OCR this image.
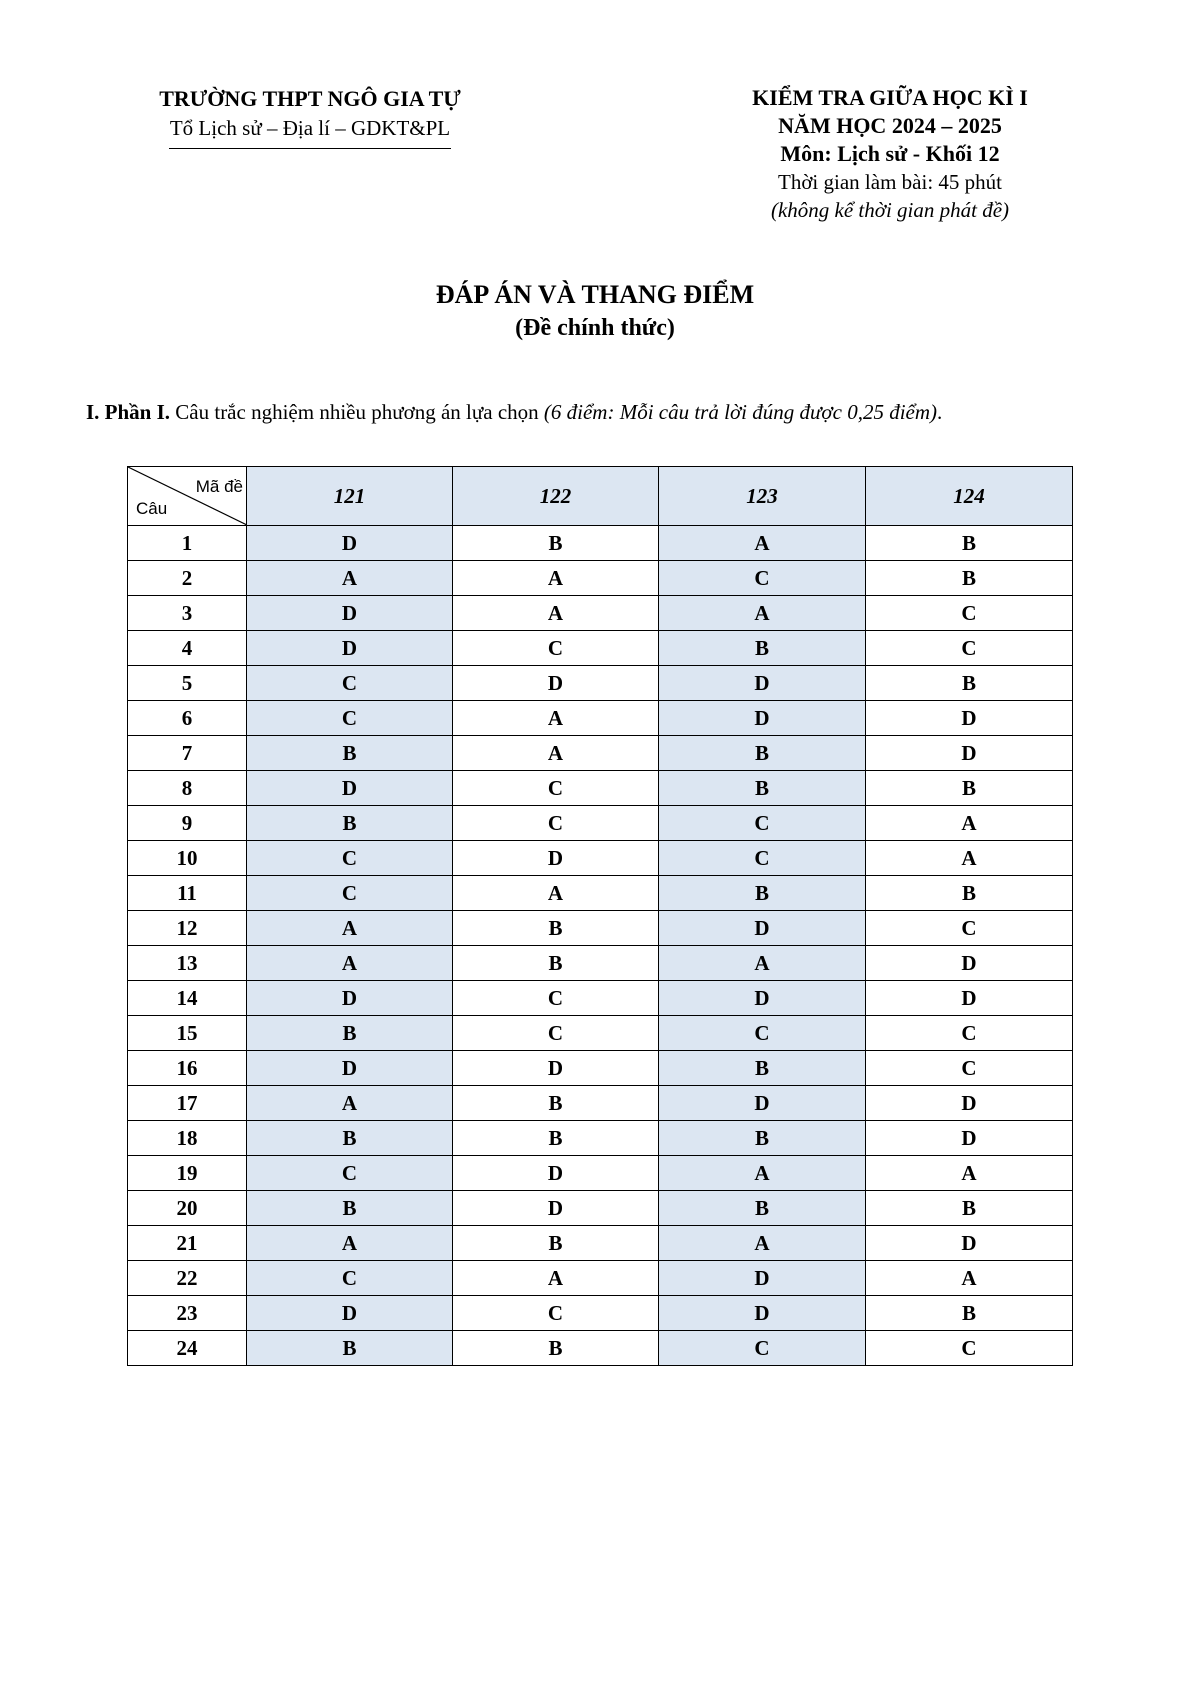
TRƯỜNG THPT NGÔ GIA TỰ
Tổ Lịch sử – Địa lí – GDKT&PL
KIỂM TRA GIỮA HỌC KÌ I
NĂM HỌC 2024 – 2025
Môn: Lịch sử - Khối 12
Thời gian làm bài: 45 phút
(không kể thời gian phát đề)
ĐÁP ÁN VÀ THANG ĐIỂM
(Đề chính thức)
I. Phần I. Câu trắc nghiệm nhiều phương án lựa chọn (6 điểm: Mỗi câu trả lời đúng được 0,25 điểm).
Mã đề
Câu	121	122	123	124
1	D	B	A	B
2	A	A	C	B
3	D	A	A	C
4	D	C	B	C
5	C	D	D	B
6	C	A	D	D
7	B	A	B	D
8	D	C	B	B
9	B	C	C	A
10	C	D	C	A
11	C	A	B	B
12	A	B	D	C
13	A	B	A	D
14	D	C	D	D
15	B	C	C	C
16	D	D	B	C
17	A	B	D	D
18	B	B	B	D
19	C	D	A	A
20	B	D	B	B
21	A	B	A	D
22	C	A	D	A
23	D	C	D	B
24	B	B	C	C
